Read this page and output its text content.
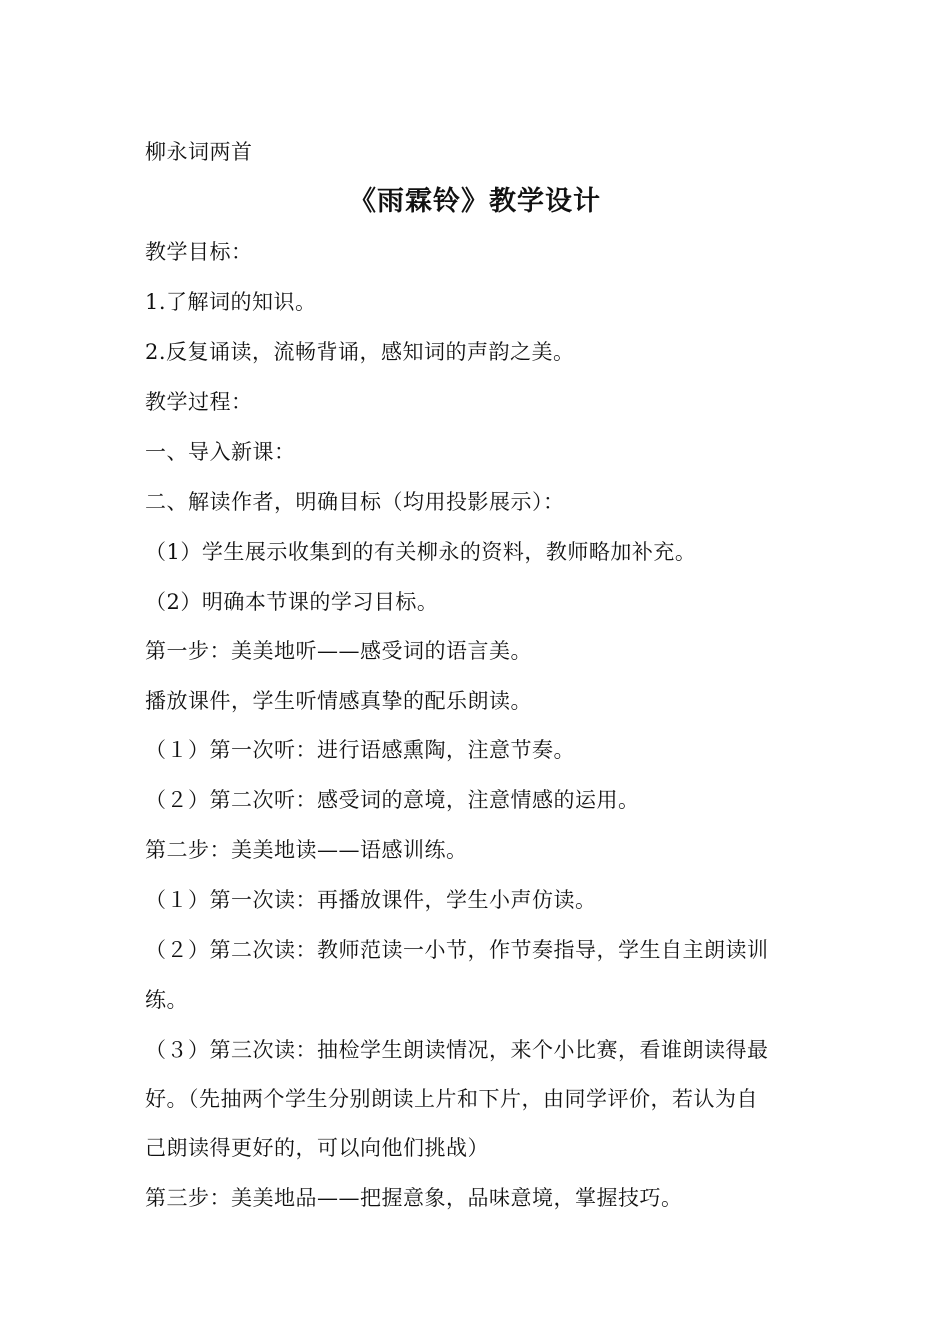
柳永词两首
《雨霖铃》教学设计
教学目标：
1.了解词的知识。
2.反复诵读，流畅背诵，感知词的声韵之美。
教学过程：
一、导入新课：
二、解读作者，明确目标（均用投影展示）：
（1）学生展示收集到的有关柳永的资料，教师略加补充。
（2）明确本节课的学习目标。
第一步：美美地听——感受词的语言美。
播放课件，学生听情感真挚的配乐朗读。
（１）第一次听：进行语感熏陶，注意节奏。
（２）第二次听：感受词的意境，注意情感的运用。
第二步：美美地读——语感训练。
（１）第一次读：再播放课件，学生小声仿读。
（２）第二次读：教师范读一小节，作节奏指导，学生自主朗读训
练。
（３）第三次读：抽检学生朗读情况，来个小比赛，看谁朗读得最
好。（先抽两个学生分别朗读上片和下片，由同学评价，若认为自
己朗读得更好的，可以向他们挑战）
第三步：美美地品——把握意象，品味意境，掌握技巧。
